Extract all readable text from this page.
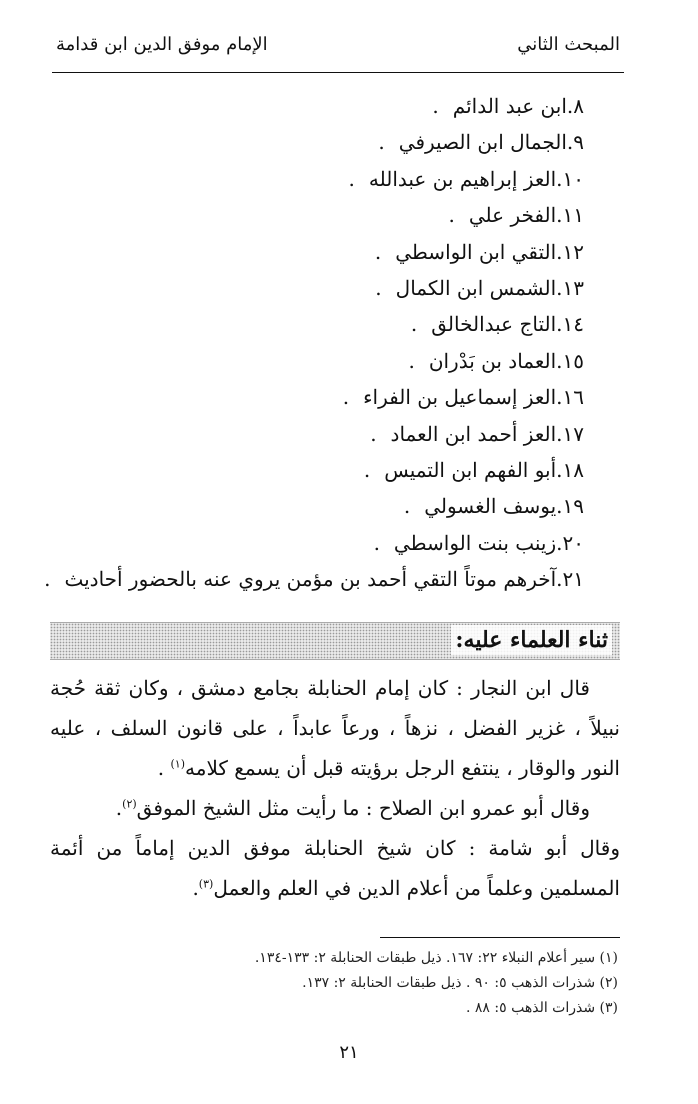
المبحث الثاني
الإمام موفق الدين ابن قدامة
٨.ابن عبد الدائم.
٩.الجمال ابن الصيرفي.
١٠.العز إبراهيم بن عبدالله.
١١.الفخر علي.
١٢.التقي ابن الواسطي.
١٣.الشمس ابن الكمال.
١٤.التاج عبدالخالق.
١٥.العماد بن بَدْران.
١٦.العز إسماعيل بن الفراء.
١٧.العز أحمد ابن العماد.
١٨.أبو الفهم ابن التميس.
١٩.يوسف الغسولي.
٢٠.زينب بنت الواسطي.
٢١.آخرهم موتاً التقي أحمد بن مؤمن يروي عنه بالحضور أحاديث.
ثناء العلماء عليه:

قال ابن النجار : كان إمام الحنابلة بجامع دمشق ، وكان ثقة حُجة نبيلاً ، غزير الفضل ، نزهاً ، ورعاً عابداً ، على قانون السلف ، عليه النور والوقار ، ينتفع الرجل برؤيته قبل أن يسمع كلامه$^{(١)}$ .

وقال أبو عمرو ابن الصلاح : ما رأيت مثل الشيخ الموفق$^{(٢)}$.

وقال أبو شامة : كان شيخ الحنابلة موفق الدين إماماً من أئمة المسلمين وعلماً من أعلام الدين في العلم والعمل$^{(٣)}$.

(١) سير أعلام النبلاء ٢٢: ١٦٧. ذيل طبقات الحنابلة ٢: ١٣٣-١٣٤.

(٢) شذرات الذهب ٥: ٩٠ . ذيل طبقات الحنابلة ٢: ١٣٧.

(٣) شذرات الذهب ٥: ٨٨ .

٢١
